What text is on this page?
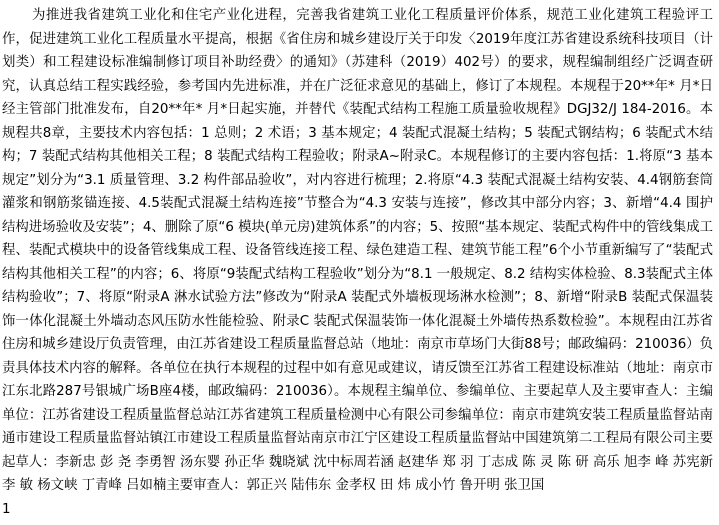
为推进我省建筑工业化和住宅产业化进程，完善我省建筑工业化工程质量评价体系，规范工业化建筑工程验评工作，促进建筑工业化工程质量水平提高，根据《省住房和城乡建设厅关于印发〈2019年度江苏省建设系统科技项目（计划类）和工程建设标准编制修订项目补助经费〉的通知》（苏建科（2019）402号）的要求，规程编制组经广泛调查研究，认真总结工程实践经验，参考国内先进标准，并在广泛征求意见的基础上，修订了本规程。本规程于20**年* 月*日经主管部门批准发布，自20**年* 月*日起实施，并替代《装配式结构工程施工质量验收规程》DGJ32/J 184-2016。本规程共8章，主要技术内容包括：1 总则；2 术语；3 基本规定；4 装配式混凝土结构；5 装配式钢结构；6 装配式木结构；7 装配式结构其他相关工程；8 装配式结构工程验收；附录A~附录C。本规程修订的主要内容包括：1.将原“3 基本规定”划分为“3.1 质量管理、3.2 构件部品验收”，对内容进行梳理；2.将原“4.3 装配式混凝土结构安装、4.4钢筋套筒灌浆和钢筋浆锚连接、4.5装配式混凝土结构连接”节整合为“4.3 安装与连接”，修改其中部分内容；3、新增“4.4 围护结构进场验收及安装”；4、删除了原“6 模块(单元房)建筑体系”的内容；5、按照“基本规定、装配式构件中的管线集成工程、装配式模块中的设备管线集成工程、设备管线连接工程、绿色建造工程、建筑节能工程”6个小节重新编写了“装配式结构其他相关工程”的内容；6、将原“9装配式结构工程验收”划分为“8.1 一般规定、8.2 结构实体检验、8.3装配式主体结构验收”；7、将原“附录A 淋水试验方法”修改为“附录A 装配式外墙板现场淋水检测”；8、新增“附录B 装配式保温装饰一体化混凝土外墙动态风压防水性能检验、附录C 装配式保温装饰一体化混凝土外墙传热系数检验”。本规程由江苏省住房和城乡建设厅负责管理，由江苏省建设工程质量监督总站（地址：南京市草场门大街88号；邮政编码：210036）负责具体技术内容的解释。各单位在执行本规程的过程中如有意见或建议，请反馈至江苏省工程建设标准站（地址：南京市江东北路287号银城广场B座4楼，邮政编码：210036）。本规程主编单位、参编单位、主要起草人及主要审查人：主编单位：江苏省建设工程质量监督总站江苏省建筑工程质量检测中心有限公司参编单位：南京市建筑安装工程质量监督站南通市建设工程质量监督站镇江市建设工程质量监督站南京市江宁区建设工程质量监督站中国建筑第二工程局有限公司主要起草人：李新忠 彭 尧 李勇智 汤东婴 孙正华 魏晓斌 沈中标周若涵 赵建华 郑 羽 丁志成 陈 灵 陈 研 高乐 旭李 峰 苏宪新 李 敏 杨文峡 丁青峰 吕如楠主要审查人：郭正兴 陆伟东 金孝权 田 炜 成小竹 鲁开明 张卫国

1
